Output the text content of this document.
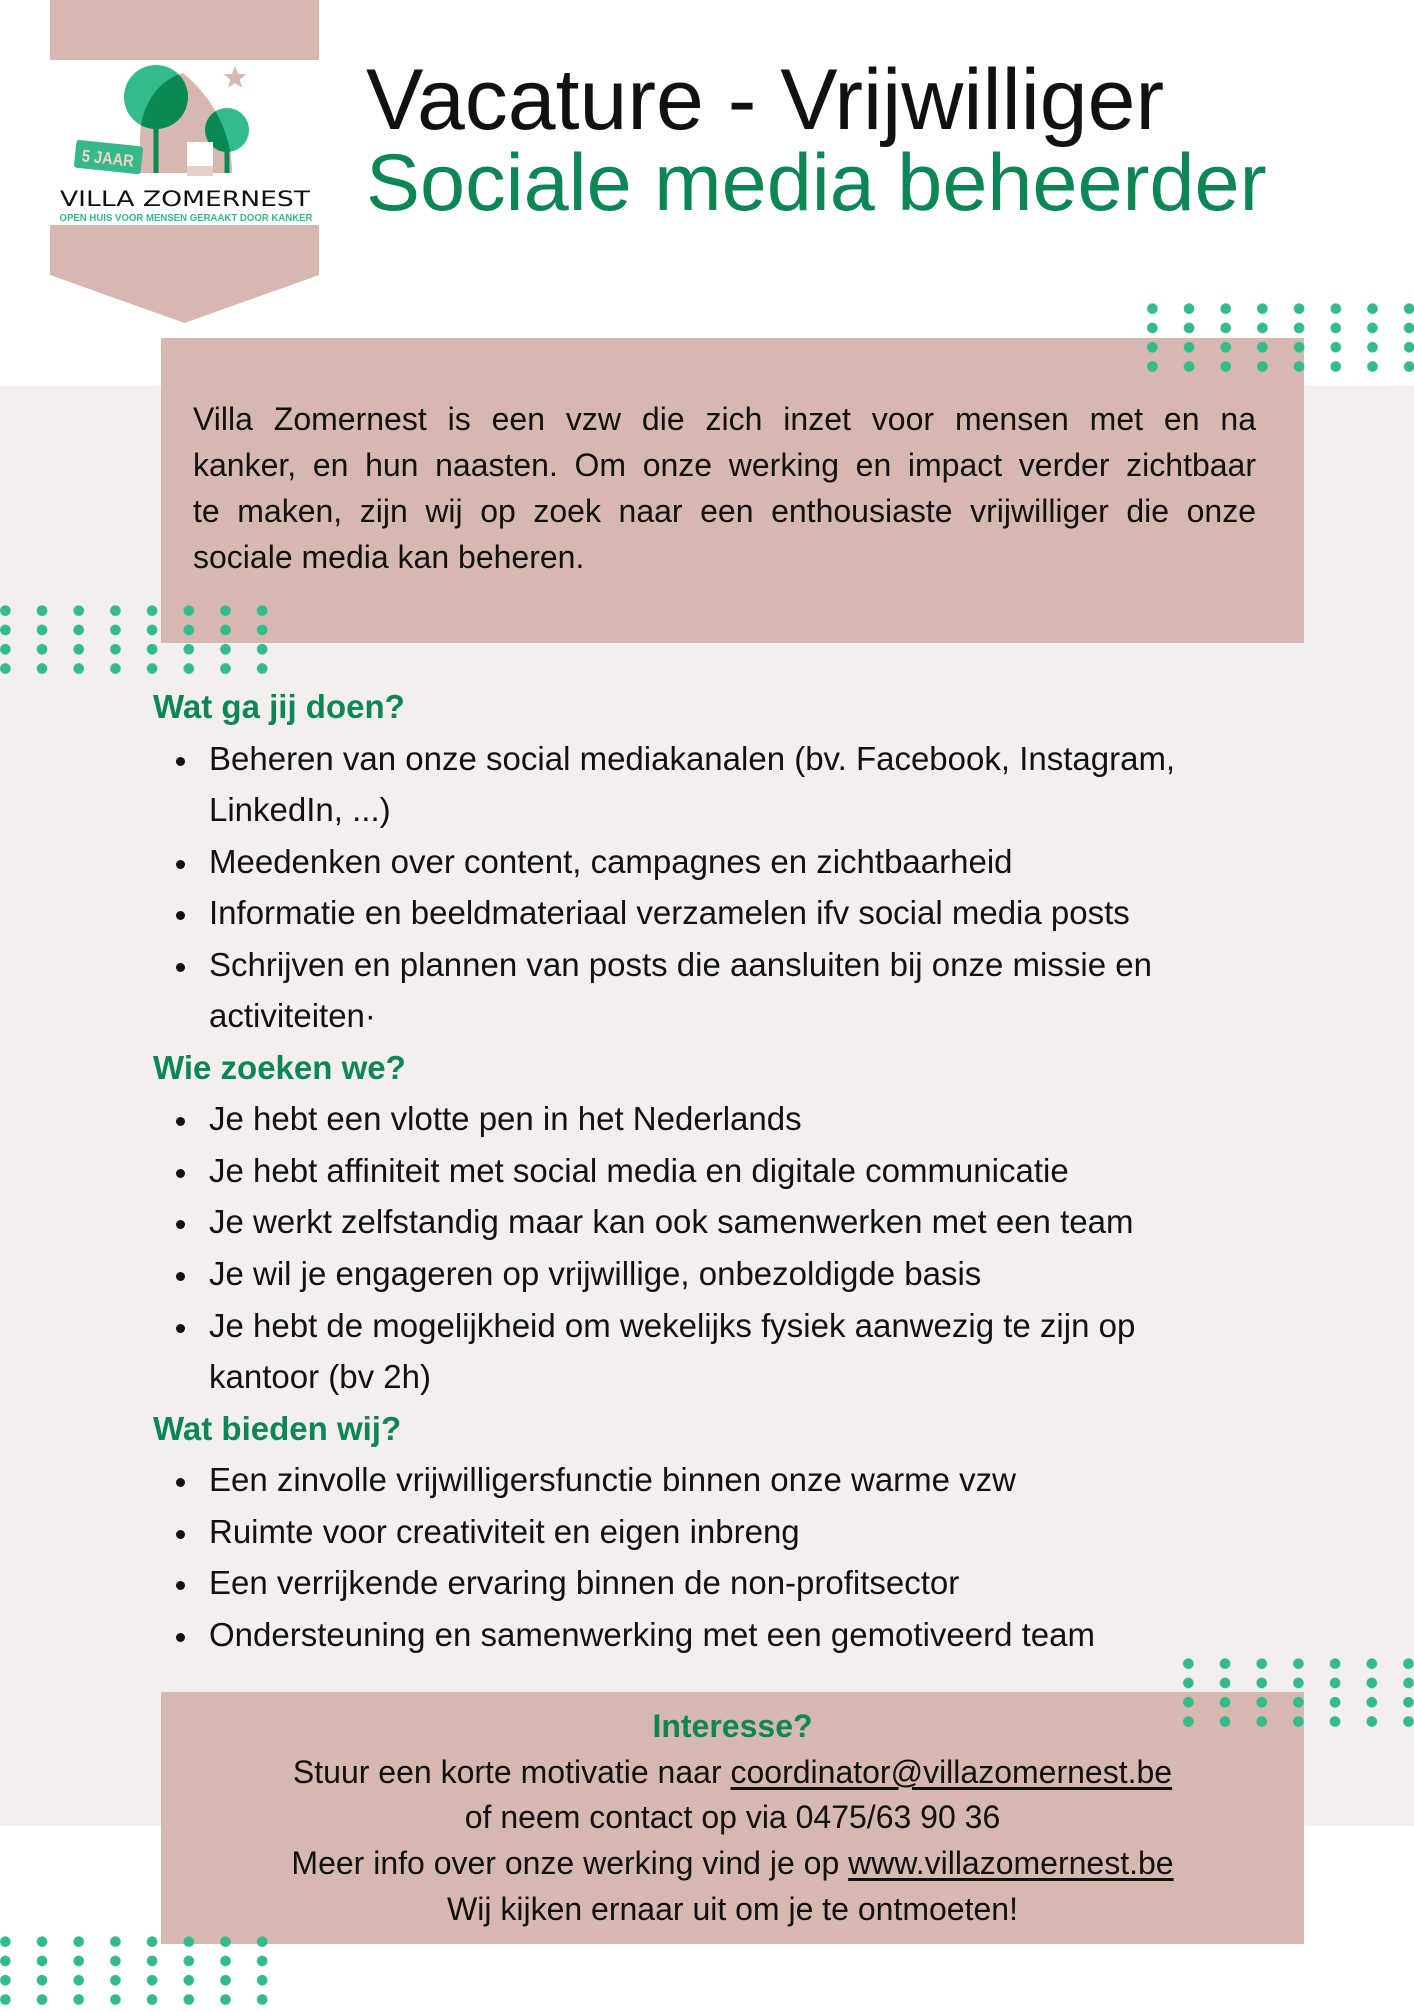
5 JAAR
VILLA ZOMERNEST
OPEN HUIS VOOR MENSEN GERAAKT DOOR KANKER
Vacature - Vrijwilliger
Sociale media beheerder
Villa Zomernest is een vzw die zich inzet voor mensen met en na
kanker, en hun naasten. Om onze werking en impact verder zichtbaar
te maken, zijn wij op zoek naar een enthousiaste vrijwilliger die onze
sociale media kan beheren.
Wat ga jij doen?
Beheren van onze social mediakanalen (bv. Facebook, Instagram,
LinkedIn, ...)
Meedenken over content, campagnes en zichtbaarheid
Informatie en beeldmateriaal verzamelen ifv social media posts
Schrijven en plannen van posts die aansluiten bij onze missie en
activiteiten·
Wie zoeken we?
Je hebt een vlotte pen in het Nederlands
Je hebt affiniteit met social media en digitale communicatie
Je werkt zelfstandig maar kan ook samenwerken met een team
Je wil je engageren op vrijwillige, onbezoldigde basis
Je hebt de mogelijkheid om wekelijks fysiek aanwezig te zijn op
kantoor (bv 2h)
Wat bieden wij?
Een zinvolle vrijwilligersfunctie binnen onze warme vzw
Ruimte voor creativiteit en eigen inbreng
Een verrijkende ervaring binnen de non-profitsector
Ondersteuning en samenwerking met een gemotiveerd team
Interesse?
Stuur een korte motivatie naar coordinator@villazomernest.be
of neem contact op via 0475/63 90 36
Meer info over onze werking vind je op www.villazomernest.be
Wij kijken ernaar uit om je te ontmoeten!
